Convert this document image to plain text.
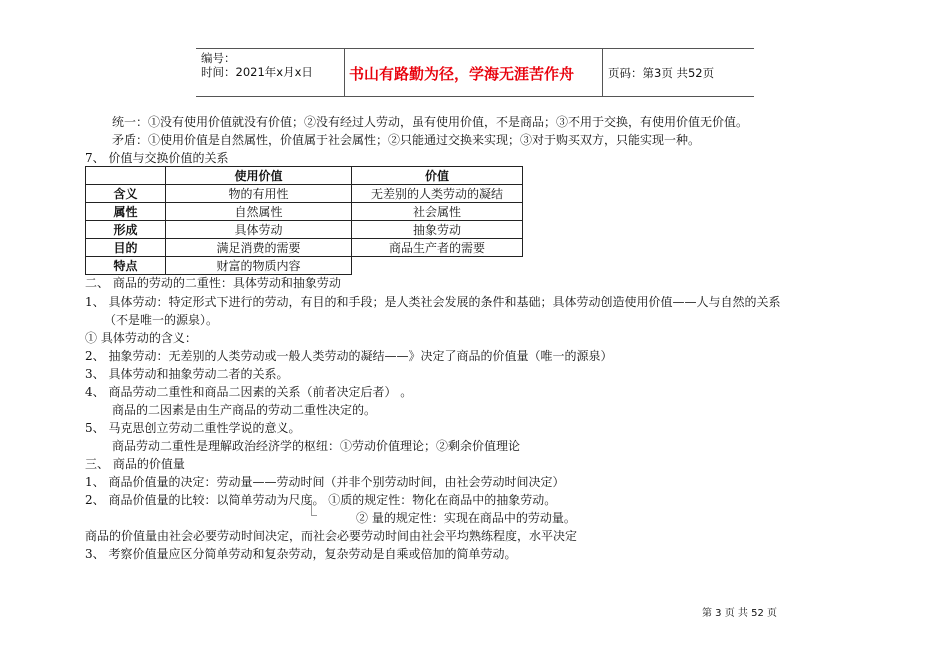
编号：
时间：2021年x月x日 书山有路勤为径，学海无涯苦作舟	页码：第3页 共52页
统一：①没有使用价值就没有价值；②没有经过人劳动，虽有使用价值，不是商品；③不用于交换，有使用价值无价值。
矛盾：①使用价值是自然属性，价值属于社会属性；②只能通过交换来实现；③对于购买双方，只能实现一种。
7、 价值与交换价值的关系
	使用价值	价值
含义	物的有用性	无差别的人类劳动的凝结
属性	自然属性	社会属性
形成	具体劳动	抽象劳动
目的	满足消费的需要	商品生产者的需要
特点	财富的物质内容	
二、 商品的劳动的二重性：具体劳动和抽象劳动
1、 具体劳动：特定形式下进行的劳动，有目的和手段；是人类社会发展的条件和基础；具体劳动创造使用价值——人与自然的关系
（不是唯一的源泉）。
① 具体劳动的含义：
2、 抽象劳动：无差别的人类劳动或一般人类劳动的凝结——》决定了商品的价值量（唯一的源泉）
3、 具体劳动和抽象劳动二者的关系。
4、 商品劳动二重性和商品二因素的关系（前者决定后者） 。
商品的二因素是由生产商品的劳动二重性决定的。
5、 马克思创立劳动二重性学说的意义。
商品劳动二重性是理解政治经济学的枢纽：①劳动价值理论；②剩余价值理论
三、 商品的价值量
1、 商品价值量的决定：劳动量——劳动时间（并非个别劳动时间，由社会劳动时间决定）
2、 商品价值量的比较：以简单劳动为尺度。 ①质的规定性：物化在商品中的抽象劳动。
② 量的规定性：实现在商品中的劳动量。
商品的价值量由社会必要劳动时间决定，而社会必要劳动时间由社会平均熟练程度，水平决定
3、 考察价值量应区分简单劳动和复杂劳动，复杂劳动是自乘或倍加的简单劳动。
第 3 页 共 52 页
